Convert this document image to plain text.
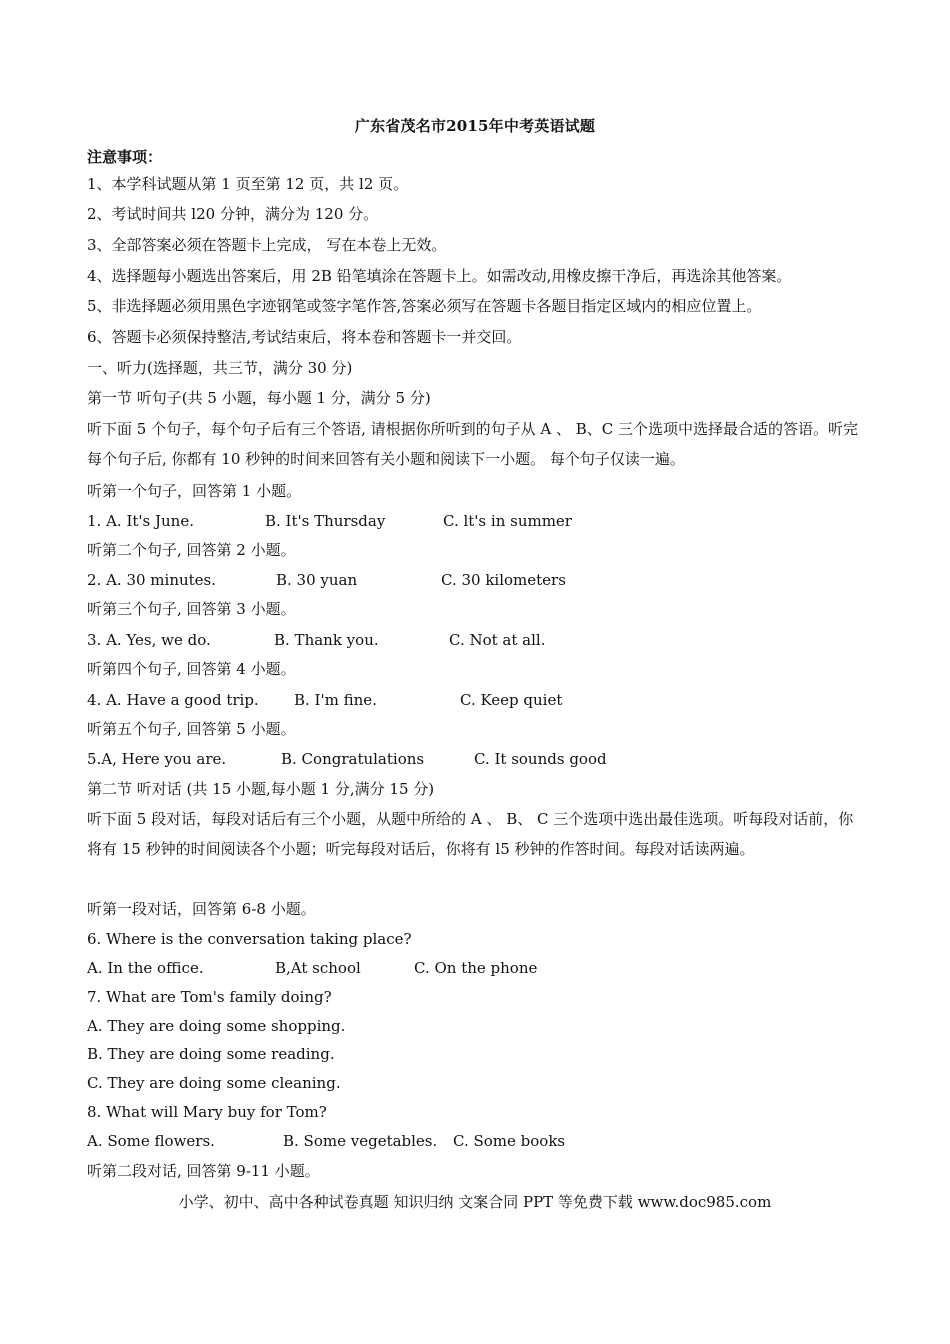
广东省茂名市2015年中考英语试题
注意事项：
1、本学科试题从第 1 页至第 12 页，共 l2 页。
2、考试时间共 l20 分钟，满分为 120 分。
3、全部答案必须在答题卡上完成， 写在本卷上无效。
4、选择题每小题选出答案后，用 2B 铅笔填涂在答题卡上。如需改动,用橡皮擦干净后，再选涂其他答案。
5、非选择题必须用黑色字迹钢笔或签字笔作答,答案必须写在答题卡各题目指定区域内的相应位置上。
6、答题卡必须保持整洁,考试结束后，将本卷和答题卡一并交回。
一、听力(选择题，共三节，满分 30 分)
第一节 听句子(共 5 小题，每小题 1 分，满分 5 分)
听下面 5 个句子，每个句子后有三个答语, 请根据你所听到的句子从 A 、 B、C 三个选项中选择最合适的答语。听完每个句子后, 你都有 10 秒钟的时间来回答有关小题和阅读下一小题。 每个句子仅读一遍。
听第一个句子，回答第 1 小题。
1. A. It's June.	B. It's Thursday	C. lt's in summer
听第二个句子, 回答第 2 小题。
2. A. 30 minutes.	B. 30 yuan	C. 30 kilometers
听第三个句子, 回答第 3 小题。
3. A. Yes, we do.	B. Thank you.	C. Not at all.
听第四个句子, 回答第 4 小题。
4. A. Have a good trip. B. I'm fine.	C. Keep quiet
听第五个句子, 回答第 5 小题。
5.A, Here you are.	B. Congratulations	C. It sounds good
第二节 听对话 (共 15 小题,每小题 1 分,满分 15 分)
听下面 5 段对话，每段对话后有三个小题，从题中所给的 A 、 B、 C 三个选项中选出最佳选项。听每段对话前，你将有 15 秒钟的时间阅读各个小题；听完每段对话后，你将有 l5 秒钟的作答时间。每段对话读两遍。
听第一段对话，回答第 6-8 小题。
6. Where is the conversation taking place?
A. In the office.	B,At school	C. On the phone
7. What are Tom's family doing?
A. They are doing some shopping.
B. They are doing some reading.
C. They are doing some cleaning.
8. What will Mary buy for Tom?
A. Some flowers.	B. Some vegetables. C. Some books
听第二段对话, 回答第 9-11 小题。
小学、初中、高中各种试卷真题 知识归纳 文案合同 PPT 等免费下载 www.doc985.com
